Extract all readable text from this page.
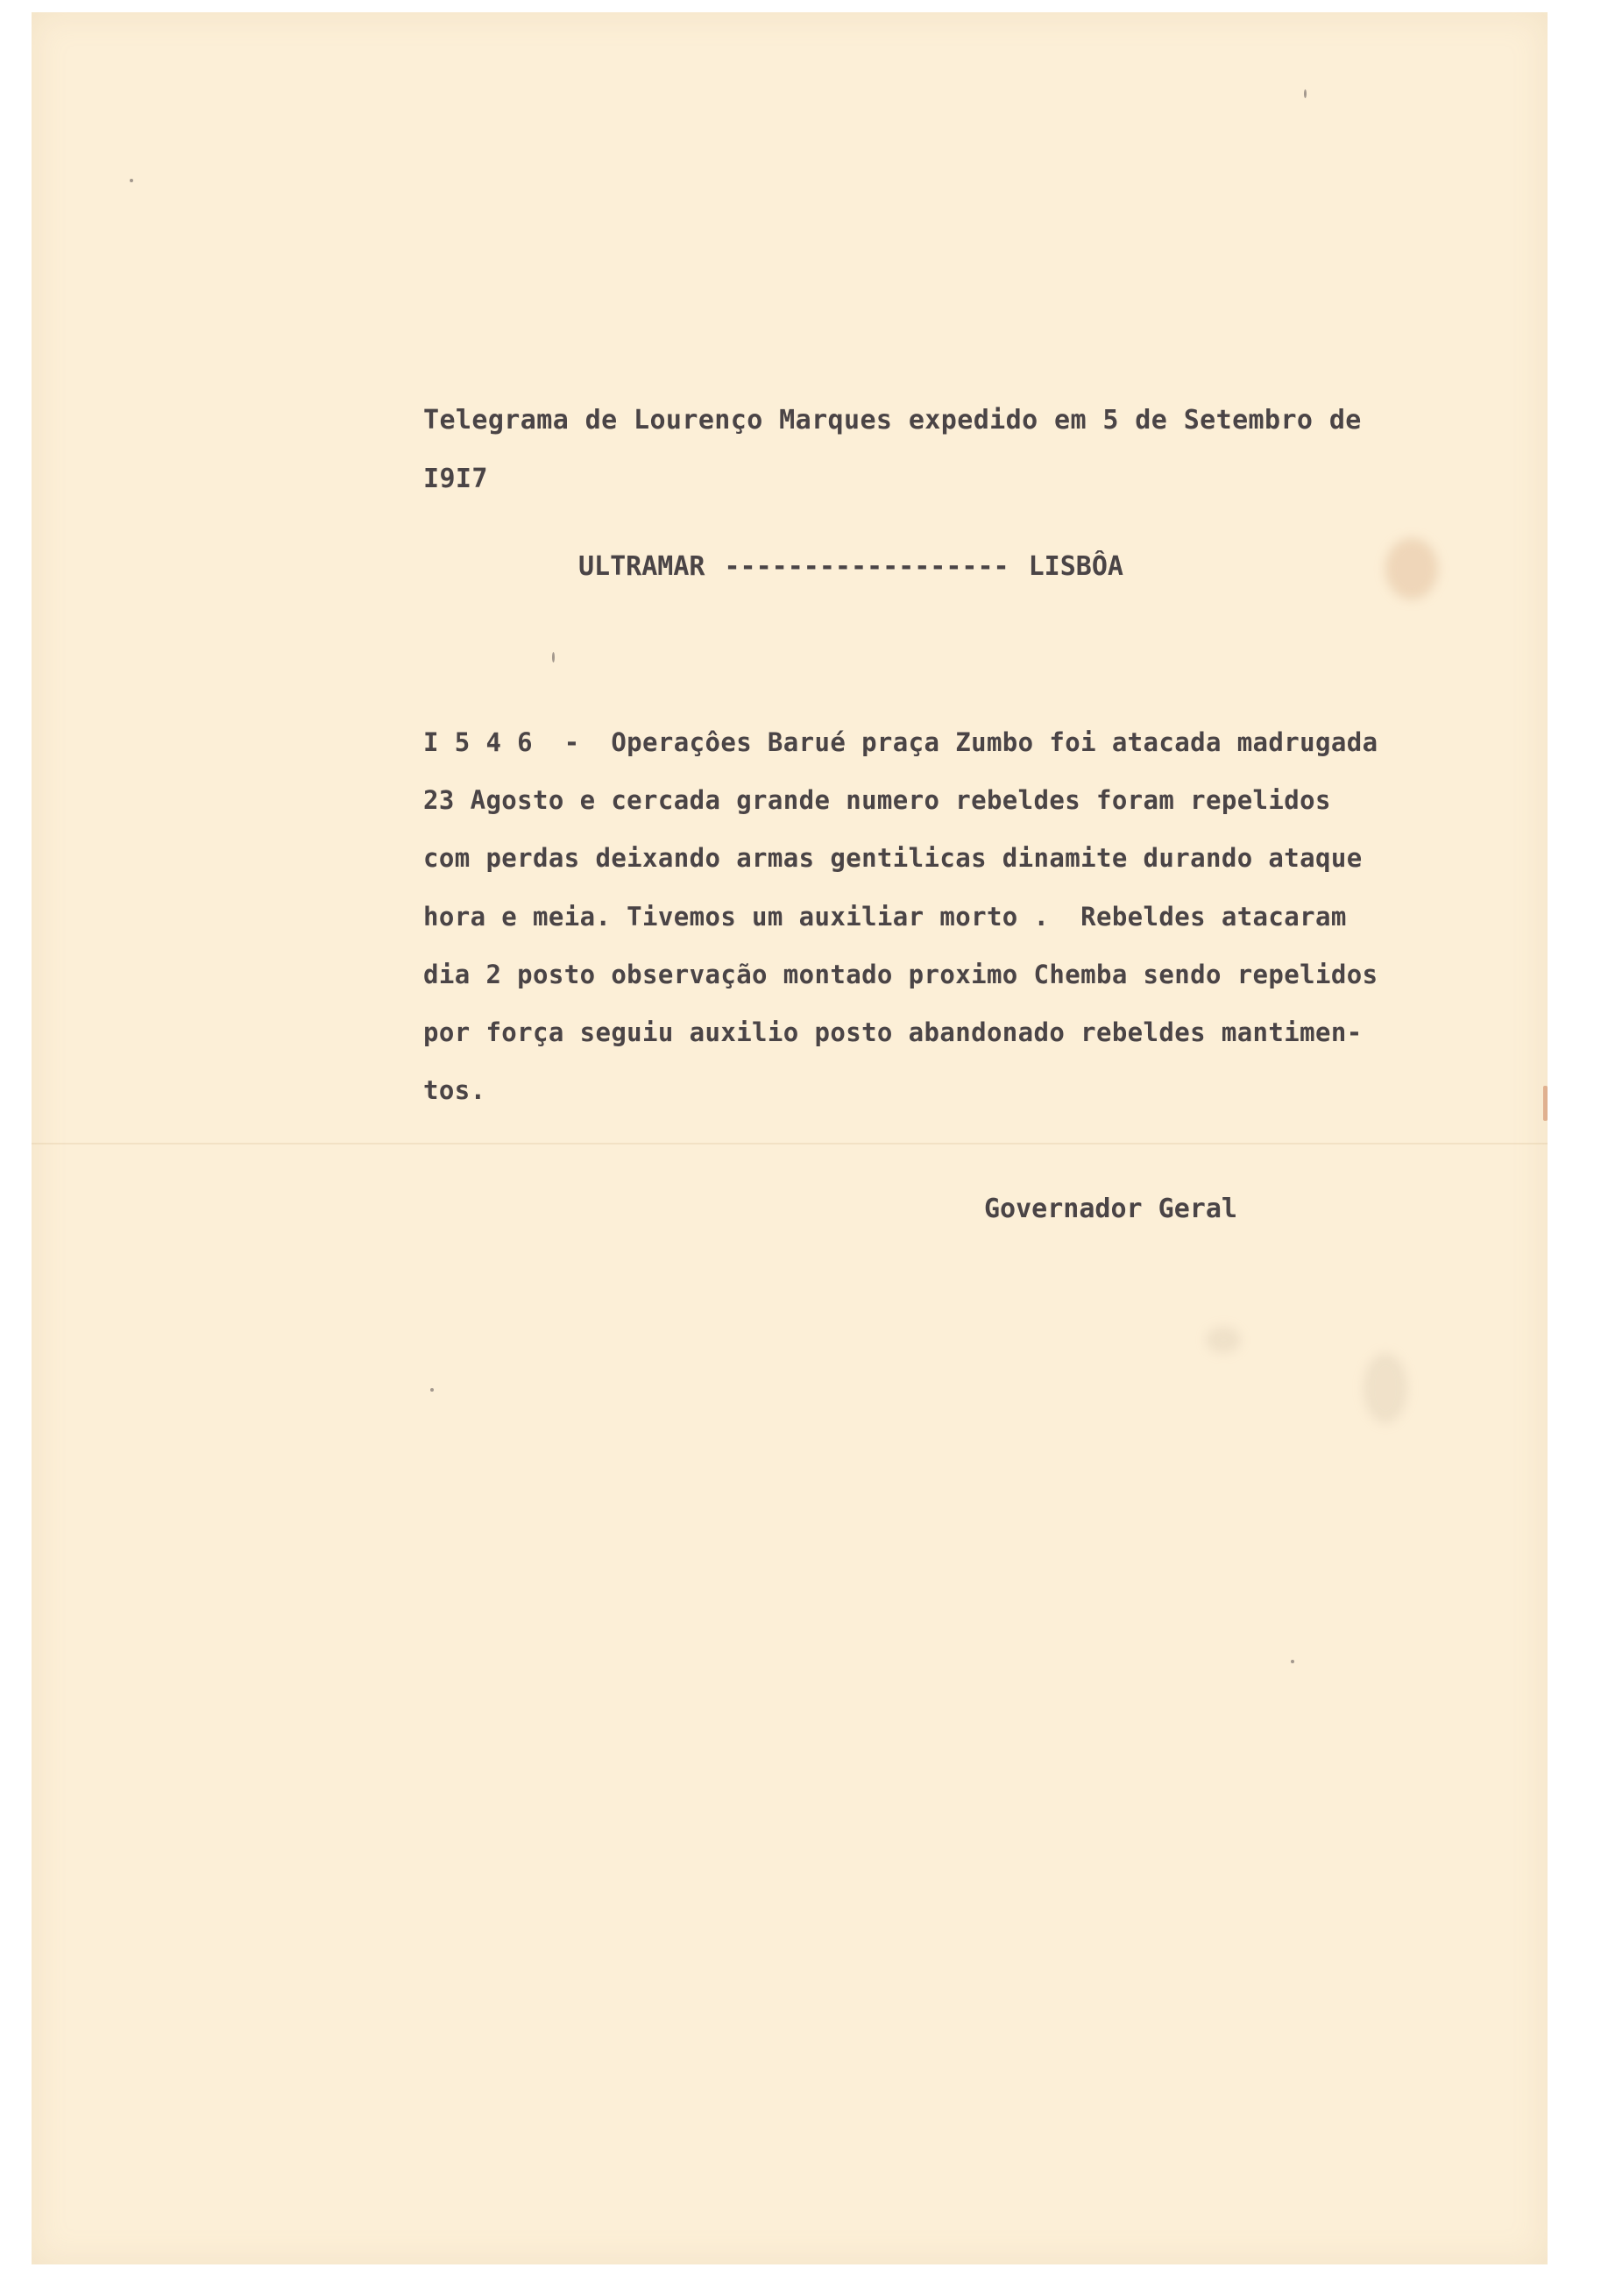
Telegrama de Lourenço Marques expedido em 5 de Setembro de
I9I7
ULTRAMAR ------------------ LISBÔA
I 5 4 6  -  Operaçôes Barué praça Zumbo foi atacada madrugada
23 Agosto e cercada grande numero rebeldes foram repelidos
com perdas deixando armas gentilicas dinamite durando ataque
hora e meia. Tivemos um auxiliar morto .  Rebeldes atacaram
dia 2 posto observação montado proximo Chemba sendo repelidos
por força seguiu auxilio posto abandonado rebeldes mantimen-
tos.
Governador Geral
